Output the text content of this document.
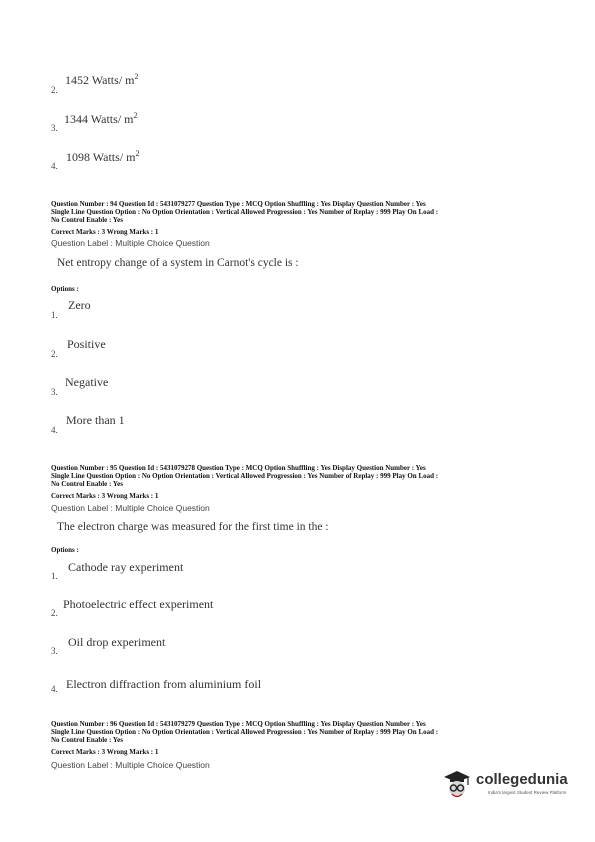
2.
1452 Watts/ $m^2$
3.
1344 Watts/ $m^2$
4.
1098 Watts/ $m^2$
Question Number : 94 Question Id : 5431079277 Question Type : MCQ Option Shuffling : Yes Display Question Number : Yes
Single Line Question Option : No Option Orientation : Vertical Allowed Progression : Yes Number of Replay : 999 Play On Load :
No Control Enable : Yes
Correct Marks : 3 Wrong Marks : 1
Question Label : Multiple Choice Question
Net entropy change of a system in Carnot's cycle is :
Options :
1.
Zero
2.
Positive
3.
Negative
4.
More than 1
Question Number : 95 Question Id : 5431079278 Question Type : MCQ Option Shuffling : Yes Display Question Number : Yes
Single Line Question Option : No Option Orientation : Vertical Allowed Progression : Yes Number of Replay : 999 Play On Load :
No Control Enable : Yes
Correct Marks : 3 Wrong Marks : 1
Question Label : Multiple Choice Question
The electron charge was measured for the first time in the :
Options :
1.
Cathode ray experiment
2.
Photoelectric effect experiment
3.
Oil drop experiment
4. Electron diffraction from aluminium foil
Question Number : 96 Question Id : 5431079279 Question Type : MCQ Option Shuffling : Yes Display Question Number : Yes
Single Line Question Option : No Option Orientation : Vertical Allowed Progression : Yes Number of Replay : 999 Play On Load :
No Control Enable : Yes
Correct Marks : 3 Wrong Marks : 1
Question Label : Multiple Choice Question
collegedunia
India's largest Student Review Platform
